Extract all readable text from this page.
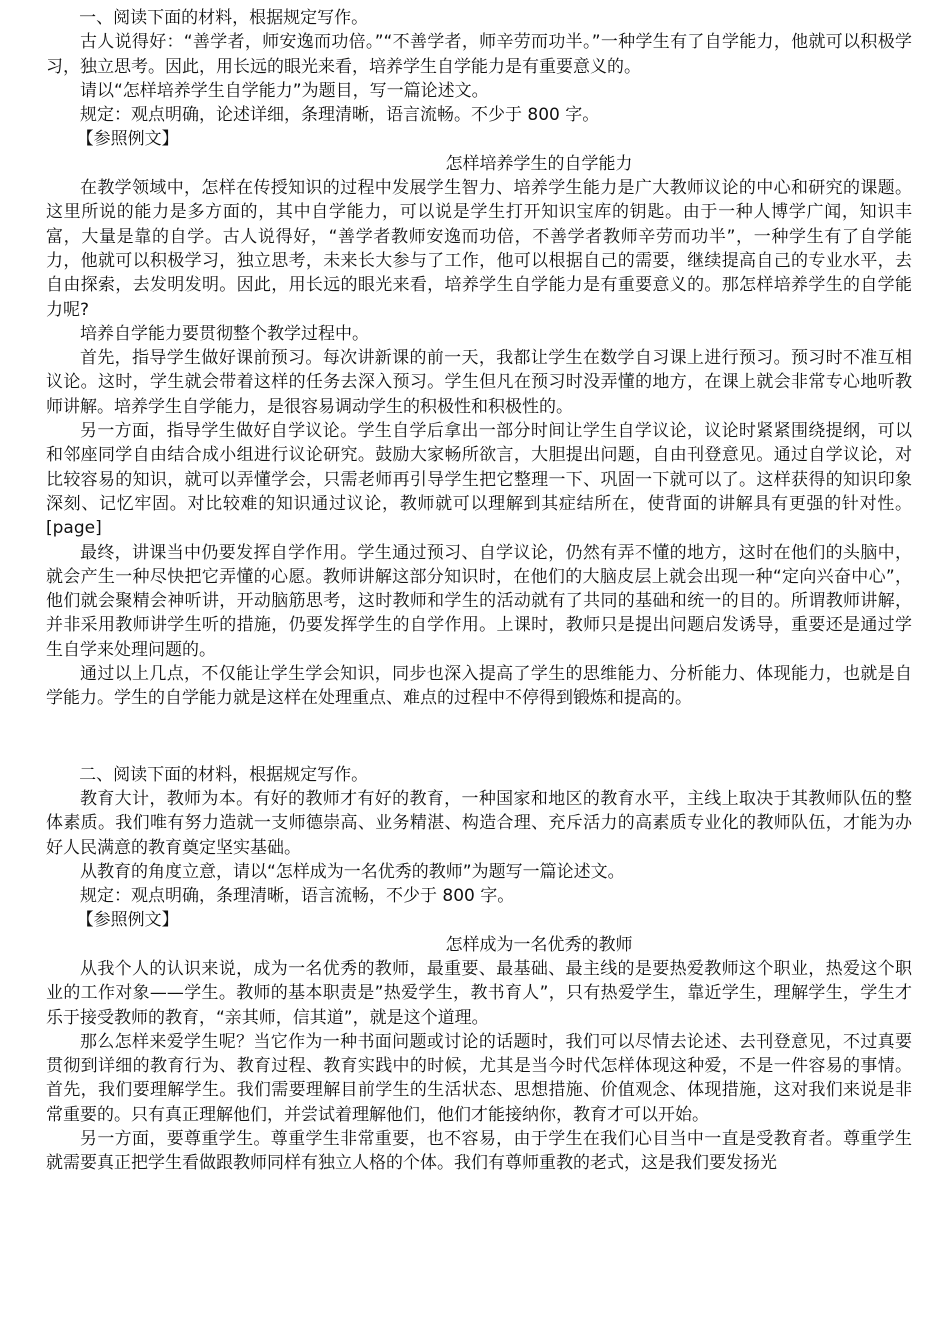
一、阅读下面的材料，根据规定写作。

古人说得好：“善学者，师安逸而功倍。”“不善学者，师辛劳而功半。”一种学生有了自学能力，他就可以积极学习，独立思考。因此，用长远的眼光来看，培养学生自学能力是有重要意义的。

请以“怎样培养学生自学能力”为题目，写一篇论述文。

规定：观点明确，论述详细，条理清晰，语言流畅。不少于 800 字。

【参照例文】

怎样培养学生的自学能力

在教学领域中，怎样在传授知识的过程中发展学生智力、培养学生能力是广大教师议论的中心和研究的课题。这里所说的能力是多方面的，其中自学能力，可以说是学生打开知识宝库的钥匙。由于一种人博学广闻，知识丰富，大量是靠的自学。古人说得好，“善学者教师安逸而功倍，不善学者教师辛劳而功半”，一种学生有了自学能力，他就可以积极学习，独立思考，未来长大参与了工作，他可以根据自己的需要，继续提高自己的专业水平，去自由探索，去发明发明。因此，用长远的眼光来看，培养学生自学能力是有重要意义的。那怎样培养学生的自学能力呢?

培养自学能力要贯彻整个教学过程中。

首先，指导学生做好课前预习。每次讲新课的前一天，我都让学生在数学自习课上进行预习。预习时不准互相议论。这时，学生就会带着这样的任务去深入预习。学生但凡在预习时没弄懂的地方，在课上就会非常专心地听教师讲解。培养学生自学能力，是很容易调动学生的积极性和积极性的。

另一方面，指导学生做好自学议论。学生自学后拿出一部分时间让学生自学议论，议论时紧紧围绕提纲，可以和邻座同学自由结合成小组进行议论研究。鼓励大家畅所欲言，大胆提出问题，自由刊登意见。通过自学议论，对比较容易的知识，就可以弄懂学会，只需老师再引导学生把它整理一下、巩固一下就可以了。这样获得的知识印象深刻、记忆牢固。对比较难的知识通过议论，教师就可以理解到其症结所在，使背面的讲解具有更强的针对性。[page]

最终，讲课当中仍要发挥自学作用。学生通过预习、自学议论，仍然有弄不懂的地方，这时在他们的头脑中，就会产生一种尽快把它弄懂的心愿。教师讲解这部分知识时，在他们的大脑皮层上就会出现一种“定向兴奋中心”，他们就会聚精会神听讲，开动脑筋思考，这时教师和学生的活动就有了共同的基础和统一的目的。所谓教师讲解，并非采用教师讲学生听的措施，仍要发挥学生的自学作用。上课时，教师只是提出问题启发诱导，重要还是通过学生自学来处理问题的。

通过以上几点，不仅能让学生学会知识，同步也深入提高了学生的思维能力、分析能力、体现能力，也就是自学能力。学生的自学能力就是这样在处理重点、难点的过程中不停得到锻炼和提高的。

二、阅读下面的材料，根据规定写作。

教育大计，教师为本。有好的教师才有好的教育，一种国家和地区的教育水平，主线上取决于其教师队伍的整体素质。我们唯有努力造就一支师德崇高、业务精湛、构造合理、充斥活力的高素质专业化的教师队伍，才能为办好人民满意的教育奠定坚实基础。

从教育的角度立意，请以“怎样成为一名优秀的教师”为题写一篇论述文。

规定：观点明确，条理清晰，语言流畅，不少于 800 字。

【参照例文】

怎样成为一名优秀的教师

从我个人的认识来说，成为一名优秀的教师，最重要、最基础、最主线的是要热爱教师这个职业，热爱这个职业的工作对象——学生。教师的基本职责是”热爱学生，教书育人”，只有热爱学生，靠近学生，理解学生，学生才乐于接受教师的教育，“亲其师，信其道”，就是这个道理。

那么怎样来爱学生呢？当它作为一种书面问题或讨论的话题时，我们可以尽情去论述、去刊登意见，不过真要贯彻到详细的教育行为、教育过程、教育实践中的时候，尤其是当今时代怎样体现这种爱，不是一件容易的事情。首先，我们要理解学生。我们需要理解目前学生的生活状态、思想措施、价值观念、体现措施，这对我们来说是非常重要的。只有真正理解他们，并尝试着理解他们，他们才能接纳你，教育才可以开始。

另一方面，要尊重学生。尊重学生非常重要，也不容易，由于学生在我们心目当中一直是受教育者。尊重学生就需要真正把学生看做跟教师同样有独立人格的个体。我们有尊师重教的老式，这是我们要发扬光
